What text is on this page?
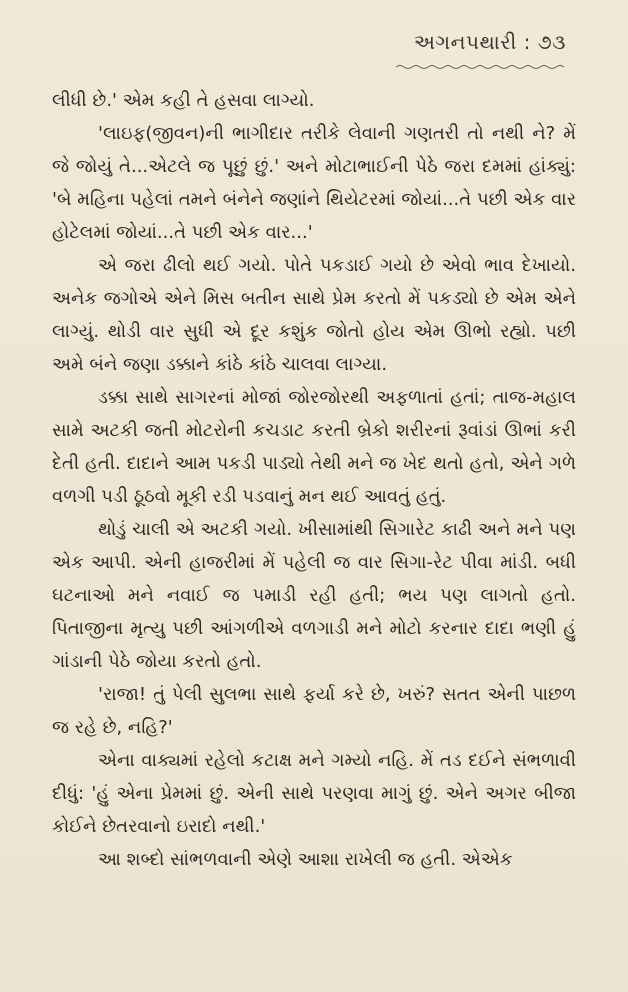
અગનપથારી : ૭૩

લીધી છે.' એમ કહી તે હસવા લાગ્યો.

'લાઇફ(જીવન)ની ભાગીદાર તરીકે લેવાની ગણતરી તો નથી ને? મેં જે જોયું તે...એટલે જ પૂછું છું.' અને મોટાભાઈની પેઠે જરા દમમાં હાંક્યું: 'બે મહિના પહેલાં તમને બંનેને જણાંને થિયેટરમાં જોયાં...તે પછી એક વાર હોટેલમાં જોયાં...તે પછી એક વાર...'

એ જરા ઢીલો થઈ ગયો. પોતે પકડાઈ ગયો છે એવો ભાવ દેખાયો. અનેક જગોએ એને મિસ બતીન સાથે પ્રેમ કરતો મેં પકડ્યો છે એમ એને લાગ્યું. થોડી વાર સુધી એ દૂર કશુંક જોતો હોય એમ ઊભો રહ્યો. પછી અમે બંને જણા ડક્કાને કાંઠે કાંઠે ચાલવા લાગ્યા.

ડક્કા સાથે સાગરનાં મોજાં જોરજોરથી અફળાતાં હતાં; તાજ-મહાલ સામે અટકી જતી મોટરોની કચડાટ કરતી બ્રેકો શરીરનાં રૂવાંડાં ઊભાં કરી દેતી હતી. દાદાને આમ પકડી પાડ્યો તેથી મને જ ખેદ થતો હતો, એને ગળે વળગી પડી ઠૂઠવો મૂકી રડી પડવાનું મન થઈ આવતું હતું.

થોડું ચાલી એ અટકી ગયો. ખીસામાંથી સિગારેટ કાઢી અને મને પણ એક આપી. એની હાજરીમાં મેં પહેલી જ વાર સિગા-રેટ પીવા માંડી. બધી ઘટનાઓ મને નવાઈ જ પમાડી રહી હતી; ભય પણ લાગતો હતો. પિતાજીના મૃત્યુ પછી આંગળીએ વળગાડી મને મોટો કરનાર દાદા ભણી હું ગાંડાની પેઠે જોયા કરતો હતો.

'રાજા! તું પેલી સુલભા સાથે ફર્યા કરે છે, ખરું? સતત એની પાછળ જ રહે છે, નહિ?'

એના વાક્યમાં રહેલો કટાક્ષ મને ગમ્યો નહિ. મેં તડ દઈને સંભળાવી દીધું: 'હું એના પ્રેમમાં છું. એની સાથે પરણવા માગું છું. એને અગર બીજા કોઈને છેતરવાનો ઇરાદો નથી.'

આ શબ્દો સાંભળવાની એણે આશા રાખેલી જ હતી. એએક
